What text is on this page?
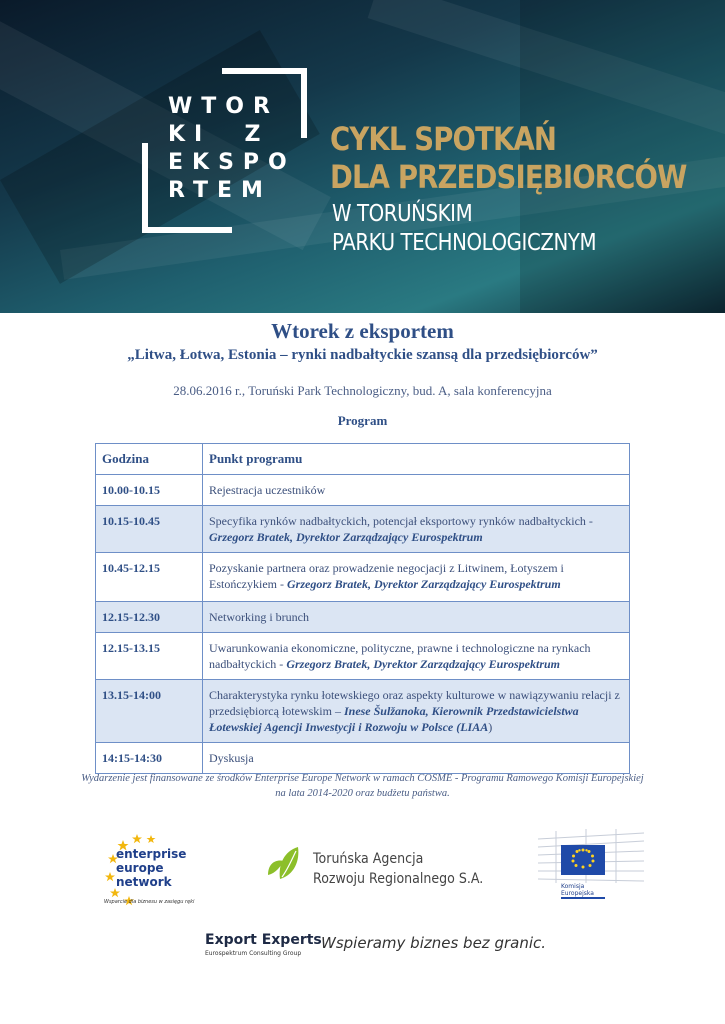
WTOR
KI  Z
EKSPO
RTEM
CYKL SPOTKAŃ
DLA PRZEDSIĘBIORCÓW
W TORUŃSKIM
PARKU TECHNOLOGICZNYM
Wtorek z eksportem
„Litwa, Łotwa, Estonia – rynki nadbałtyckie szansą dla przedsiębiorców”
28.06.2016 r., Toruński Park Technologiczny, bud. A, sala konferencyjna
Program
Godzina	Punkt programu
10.00-10.15	Rejestracja uczestników
10.15-10.45	Specyfika rynków nadbałtyckich, potencjał eksportowy rynków nadbałtyckich - Grzegorz Bratek, Dyrektor Zarządzający Eurospektrum
10.45-12.15	Pozyskanie partnera oraz prowadzenie negocjacji z Litwinem, Łotyszem i Estończykiem - Grzegorz Bratek, Dyrektor Zarządzający Eurospektrum
12.15-12.30	Networking i brunch
12.15-13.15	Uwarunkowania ekonomiczne, polityczne, prawne i technologiczne na rynkach nadbałtyckich - Grzegorz Bratek, Dyrektor Zarządzający Eurospektrum
13.15-14:00	Charakterystyka rynku łotewskiego oraz aspekty kulturowe w nawiązywaniu relacji z przedsiębiorcą łotewskim – Inese Šulžanoka, Kierownik Przedstawicielstwa Łotewskiej Agencji Inwestycji i Rozwoju w Polsce (LIAA)
14:15-14:30	Dyskusja
Wydarzenie jest finansowane ze środków Enterprise Europe Network w ramach COSME - Programu Ramowego Komisji Europejskiej na lata 2014-2020 oraz budżetu państwa.
enterprise
europe
network
Wsparcie dla biznesu w zasięgu ręki
Toruńska Agencja
Rozwoju Regionalnego S.A.	Komisja
Europejska
Export Experts
Eurospektrum Consulting Group
Wspieramy biznes bez granic.
